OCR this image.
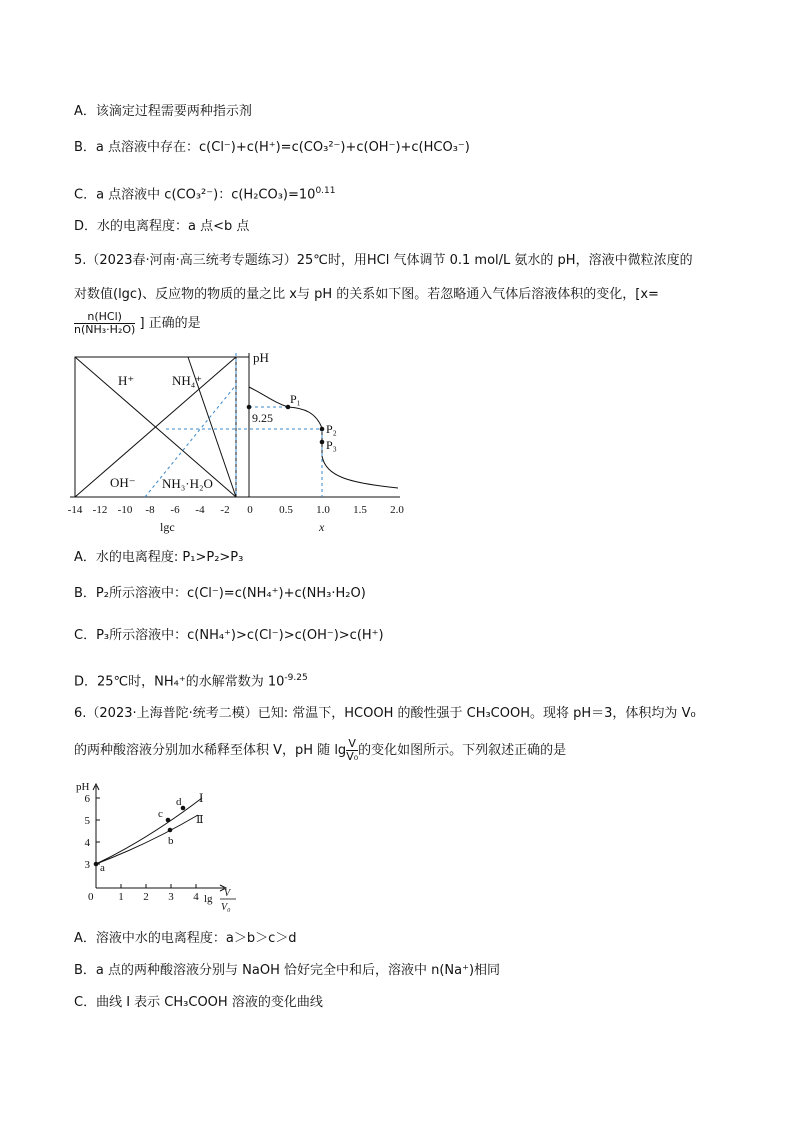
A．该滴定过程需要两种指示剂
B．a 点溶液中存在：c(Cl⁻)+c(H⁺)=c(CO₃²⁻)+c(OH⁻)+c(HCO₃⁻)
C．a 点溶液中 c(CO₃²⁻)：$c(H_2CO_3)=10^{0.11}$
D．水的电离程度：a 点<b 点
5.（2023春·河南·高三统考专题练习）25℃时，用HCl 气体调节 0.1 mol/L 氨水的 pH，溶液中微粒浓度的
对数值(lgc)、反应物的物质的量之比 x与 pH 的关系如下图。若忽略通入气体后溶液体积的变化，[x=
$\frac{\text{n(HCl)}}{\text{n(NH₃·H₂O)}}$ ] 正确的是
H⁺	NH₄⁺
OH⁻ NH₃·H₂O
pH
9.25
P₁
P₂
P₃
-14 -12 -10 -8 -6 -4 -2 0 0.5 1.0 1.5 2.0
lgc	x
A．水的电离程度: P₁>P₂>P₃
B．P₂所示溶液中：c(Cl⁻)=c(NH₄⁺)+c(NH₃·H₂O)
C．P₃所示溶液中：c(NH₄⁺)>c(Cl⁻)>c(OH⁻)>c(H⁺)
D．25℃时，NH₄⁺的水解常数为 $10^{-9.25}$
6.（2023·上海普陀·统考二模）已知: 常温下，HCOOH 的酸性强于 CH₃COOH。现将 pH＝3，体积均为 V₀
的两种酸溶液分别加水稀释至体积 V，pH 随 $\lg \frac{V}{\text{V₀}}$ 的变化如图所示。下列叙述正确的是
3
4
5
6
1 2 3 4
pH
0
a
b
c
d I
Ⅱ
lg V
V₀
A．溶液中水的电离程度：a＞b＞c＞d
B．a 点的两种酸溶液分别与 NaOH 恰好完全中和后，溶液中 n(Na⁺)相同
C．曲线 I 表示 CH₃COOH 溶液的变化曲线
